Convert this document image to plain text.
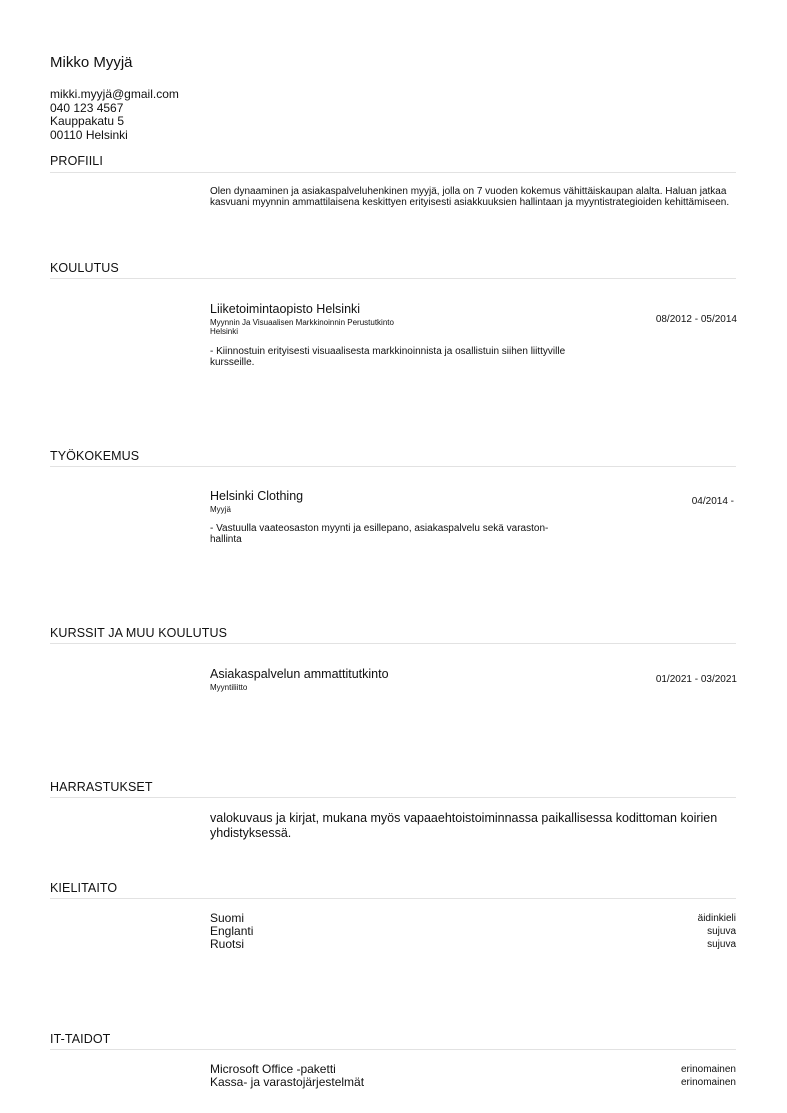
Mikko Myyjä
mikki.myyjä@gmail.com
040 123 4567
Kauppakatu 5
00110 Helsinki
PROFIILI
Olen dynaaminen ja asiakaspalveluhenkinen myyjä, jolla on 7 vuoden kokemus vähittäiskaupan alalta. Haluan jatkaa kasvuani myynnin ammattilaisena keskittyen erityisesti asiakkuuksien hallintaan ja myyntistrategioiden kehittämiseen.
KOULUTUS
Liiketoimintaopisto Helsinki
Myynnin Ja Visuaalisen Markkinoinnin Perustutkinto
Helsinki
08/2012 - 05/2014
- Kiinnostuin erityisesti visuaalisesta markkinoinnista ja osallistuin siihen liittyville kursseille.
TYÖKOKEMUS
Helsinki Clothing
Myyjä
04/2014 -
- Vastuulla vaateosaston myynti ja esillepano, asiakaspalvelu sekä varaston-hallinta
KURSSIT JA MUU KOULUTUS
Asiakaspalvelun ammattitutkinto
Myyntiliitto
01/2021 - 03/2021
HARRASTUKSET
valokuvaus ja kirjat, mukana myös vapaaehtoistoiminnassa paikallisessa kodittoman koirien yhdistyksessä.
KIELITAITO
Suomi	äidinkieli
Englanti	sujuva
Ruotsi	sujuva
IT-TAIDOT
Microsoft Office -paketti	erinomainen
Kassa- ja varastojärjestelmät	erinomainen
